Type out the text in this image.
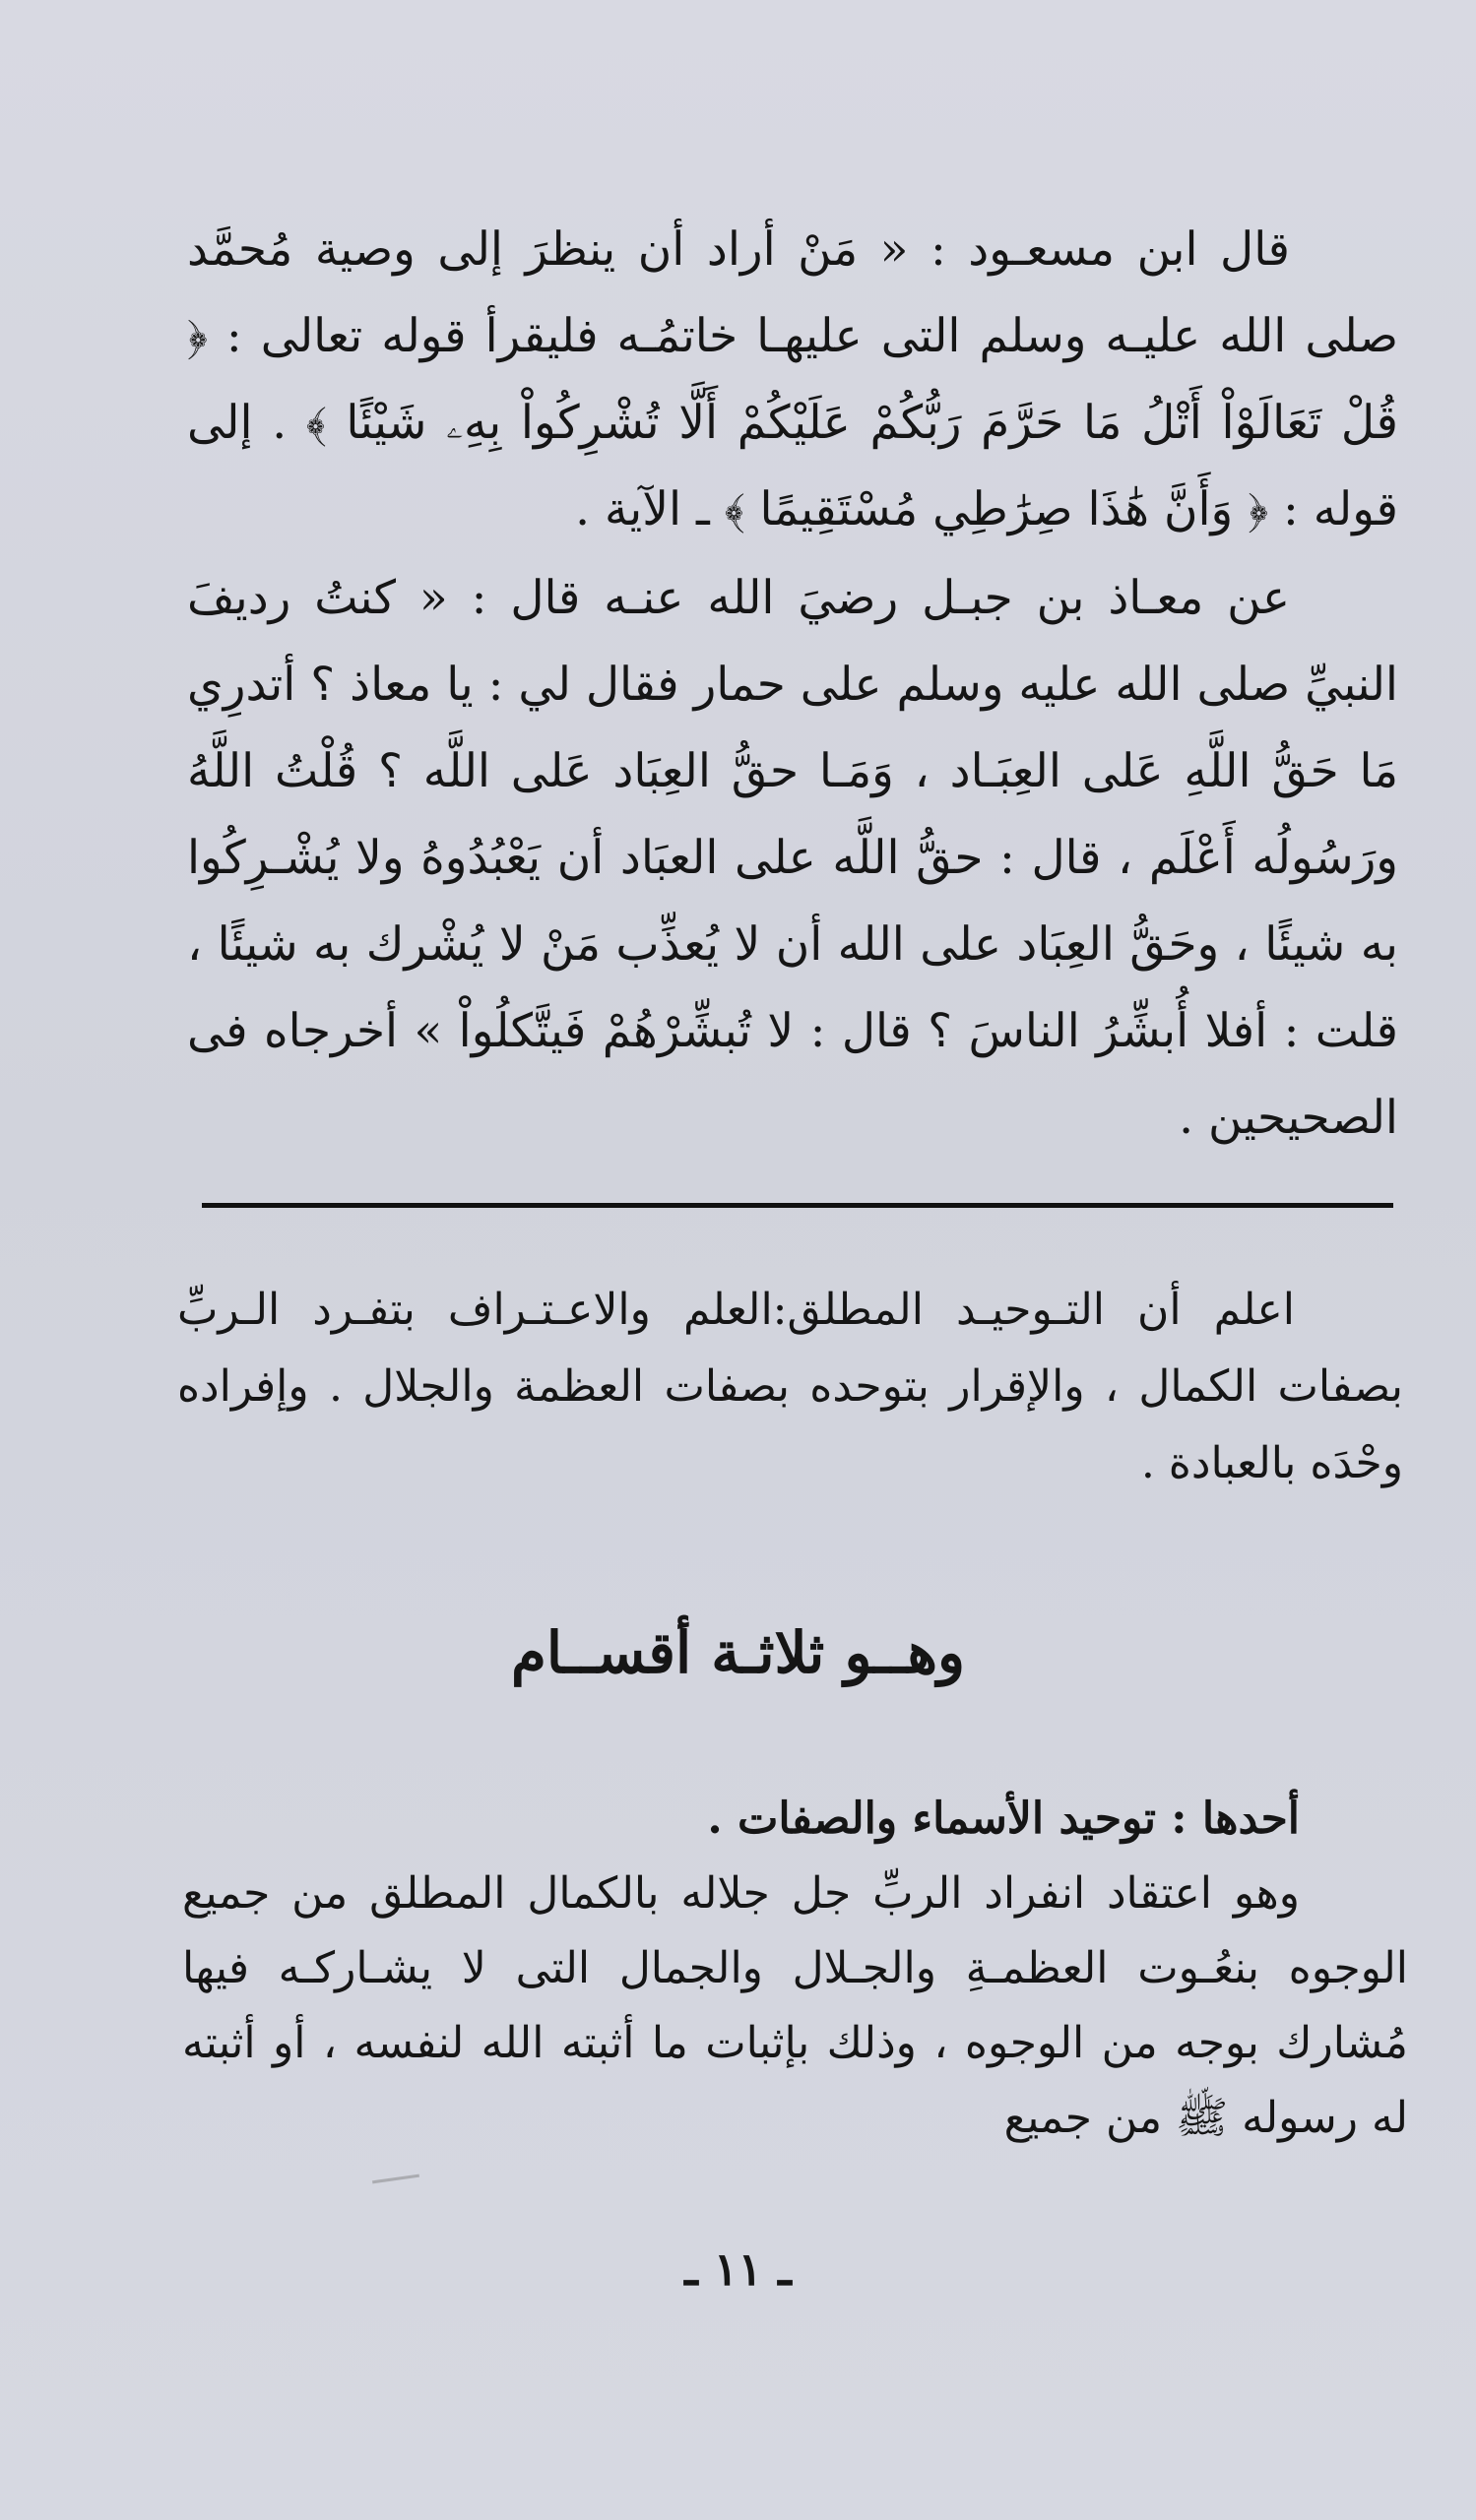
قال ابن مسعـود : « مَنْ أراد أن ينظرَ إلى وصية مُحمَّد صلى الله عليـه وسلم التى عليهـا خاتمُـه فليقرأ قوله تعالى : ﴿ قُلْ تَعَالَوْاْ أَتْلُ مَا حَرَّمَ رَبُّكُمْ عَلَيْكُمْ أَلَّا تُشْرِكُواْ بِهِۦ شَيْئًا ﴾ . إلى قوله : ﴿ وَأَنَّ هَٰذَا صِرَٰطِي مُسْتَقِيمًا ﴾ ـ الآية .

عن معـاذ بن جبـل رضيَ الله عنـه قال : « كنتُ رديفَ النبيِّ صلى الله عليه وسلم على حمار فقال لي : يا معاذ ؟ أتدرِي مَا حَقُّ اللَّهِ عَلى العِبَـاد ، وَمَـا حقُّ العِبَاد عَلى اللَّه ؟ قُلْتُ اللَّهُ ورَسُولُه أَعْلَم ، قال : حقُّ اللَّه على العبَاد أن يَعْبُدُوهُ ولا يُشْـرِكُوا به شيئًا ، وحَقُّ العِبَاد على الله أن لا يُعذِّب مَنْ لا يُشْرك به شيئًا ، قلت : أفلا أُبشِّرُ الناسَ ؟ قال : لا تُبشِّرْهُمْ فَيتَّكلُواْ » أخرجاه فى الصحيحين .

اعلم أن التـوحيـد المطلق:العلم والاعـتـراف بتفـرد الـربِّ بصفات الكمال ، والإقرار بتوحده بصفات العظمة والجلال . وإفراده وحْدَه بالعبادة .

وهــو ثلاثـة أقســام

أحدها : توحيد الأسماء والصفات .

وهو اعتقاد انفراد الربِّ جل جلاله بالكمال المطلق من جميع الوجوه بنعُـوت العظمـةِ والجـلال والجمال التى لا يشـاركـه فيها مُشارك بوجه من الوجوه ، وذلك بإثبات ما أثبته الله لنفسه ، أو أثبته له رسوله ﷺ من جميع

ـ ١١ ـ
